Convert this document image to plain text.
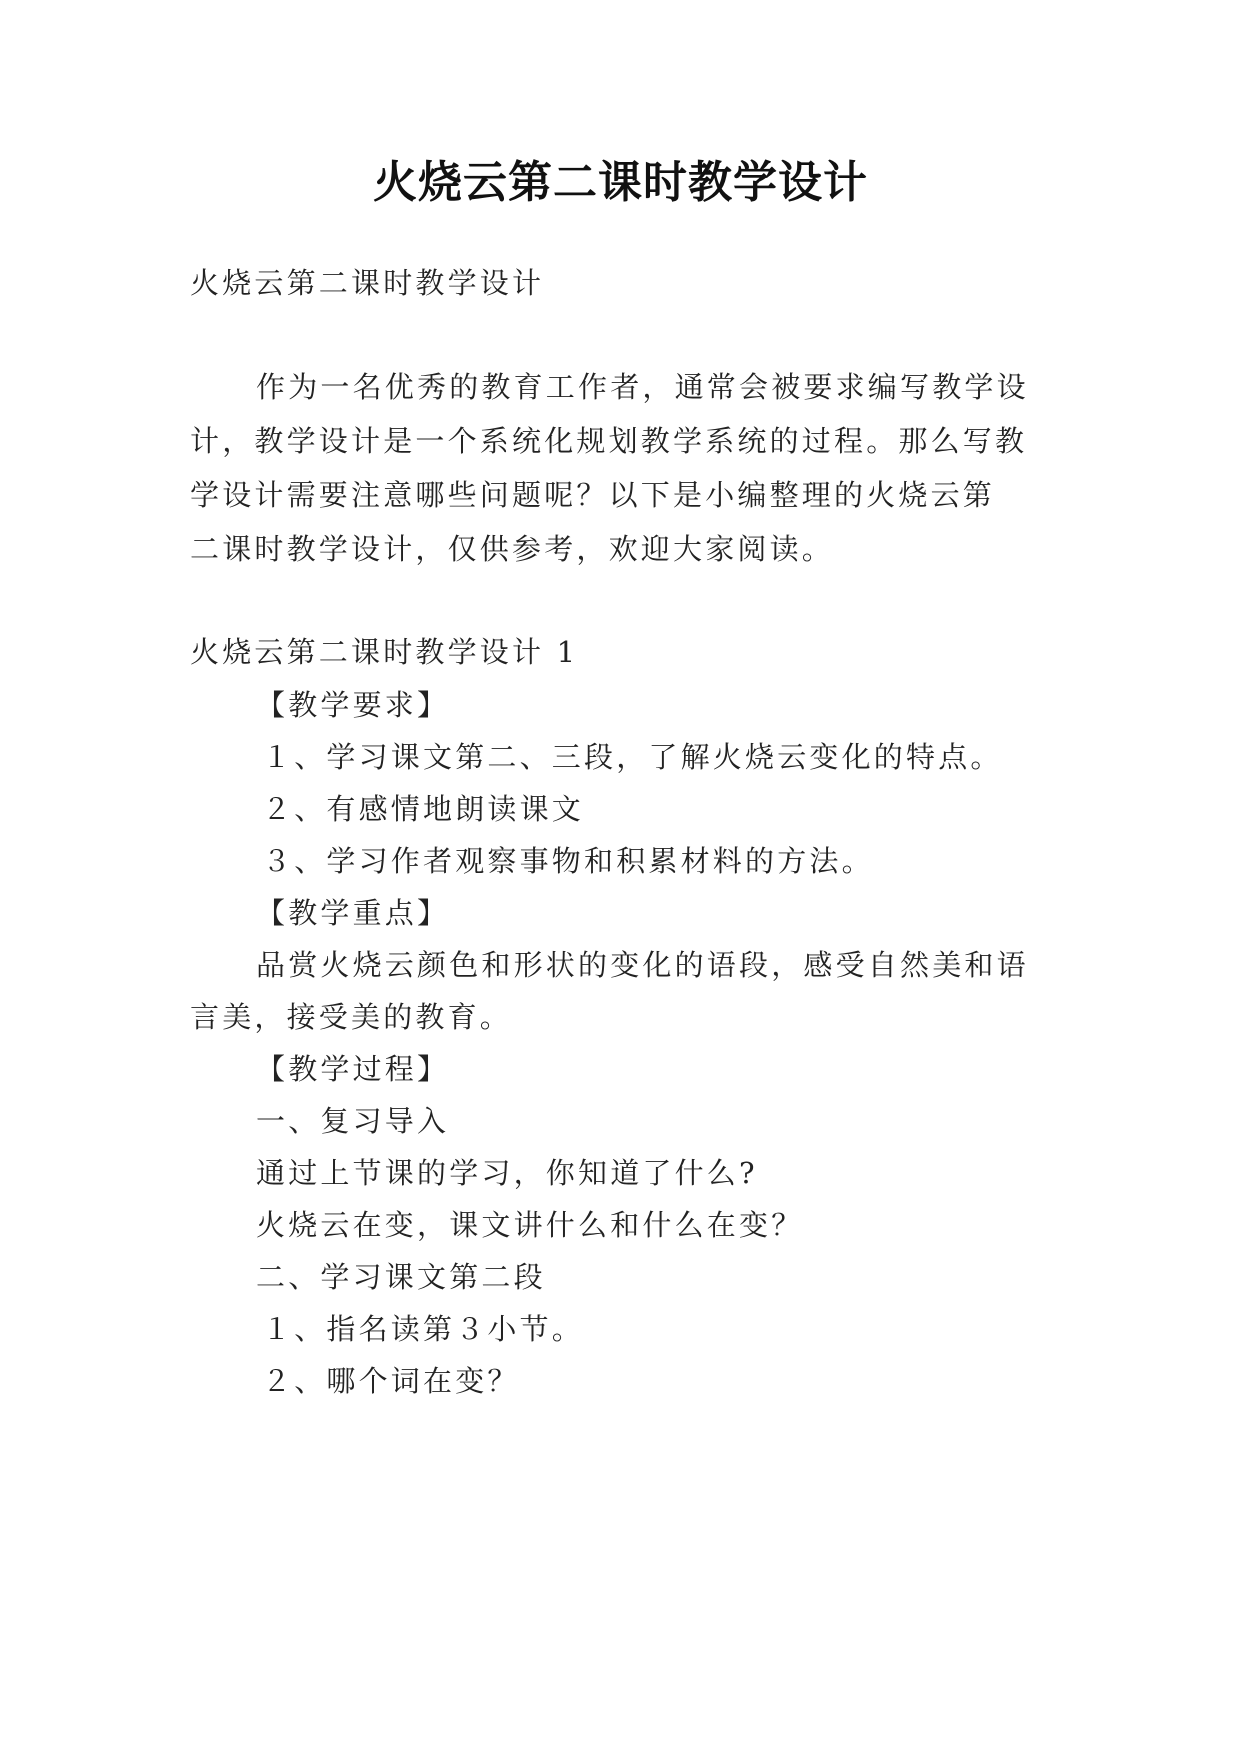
火烧云第二课时教学设计
火烧云第二课时教学设计
作为一名优秀的教育工作者，通常会被要求编写教学设
计，教学设计是一个系统化规划教学系统的过程。那么写教
学设计需要注意哪些问题呢？以下是小编整理的火烧云第
二课时教学设计，仅供参考，欢迎大家阅读。
火烧云第二课时教学设计 1
【教学要求】
１、学习课文第二、三段，了解火烧云变化的特点。
２、有感情地朗读课文
３、学习作者观察事物和积累材料的方法。
【教学重点】
品赏火烧云颜色和形状的变化的语段，感受自然美和语
言美，接受美的教育。
【教学过程】
一、复习导入
通过上节课的学习，你知道了什么?
火烧云在变，课文讲什么和什么在变？
二、学习课文第二段
１、指名读第３小节。
２、哪个词在变？
